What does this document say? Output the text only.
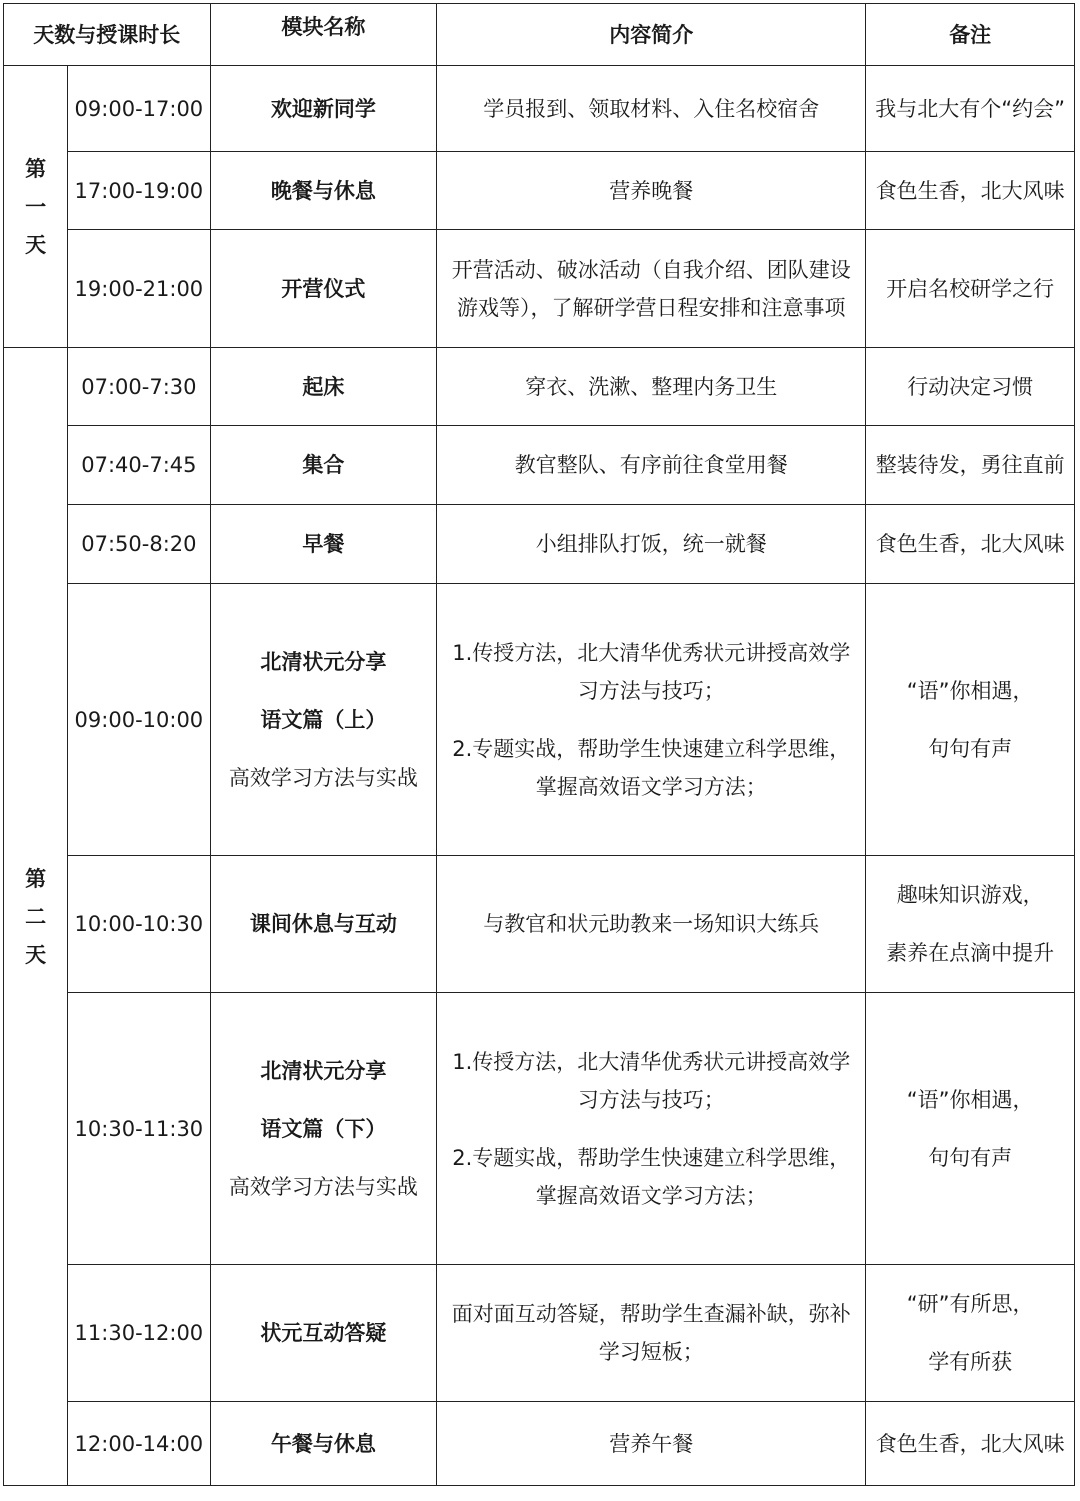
天数与授课时长		模块名称	内容简介	备注

第
一
天	09:00-17:00	欢迎新同学	学员报到、领取材料、入住名校宿舍	我与北大有个“约会”

	17:00-19:00	晚餐与休息	营养晚餐	食色生香，北大风味

	19:00-21:00	开营仪式	开营活动、破冰活动（自我介绍、团队建设
游戏等），了解研学营日程安排和注意事项	开启名校研学之行

第
二
天	07:00-7:30	起床	穿衣、洗漱、整理内务卫生	行动决定习惯

	07:40-7:45	集合	教官整队、有序前往食堂用餐	整装待发，勇往直前

	07:50-8:20	早餐	小组排队打饭，统一就餐	食色生香，北大风味

	09:00-10:00	北清状元分享
语文篇（上）
高效学习方法与实战	1.传授方法，北大清华优秀状元讲授高效学
习方法与技巧；
2.专题实战，帮助学生快速建立科学思维，
掌握高效语文学习方法；	“语”你相遇，
句句有声

	10:00-10:30	课间休息与互动	与教官和状元助教来一场知识大练兵	趣味知识游戏，
素养在点滴中提升

	10:30-11:30	北清状元分享
语文篇（下）
高效学习方法与实战	1.传授方法，北大清华优秀状元讲授高效学
习方法与技巧；
2.专题实战，帮助学生快速建立科学思维，
掌握高效语文学习方法；	“语”你相遇，
句句有声

	11:30-12:00	状元互动答疑	面对面互动答疑，帮助学生查漏补缺，弥补
学习短板；	“研”有所思，
学有所获

	12:00-14:00	午餐与休息	营养午餐	食色生香，北大风味
